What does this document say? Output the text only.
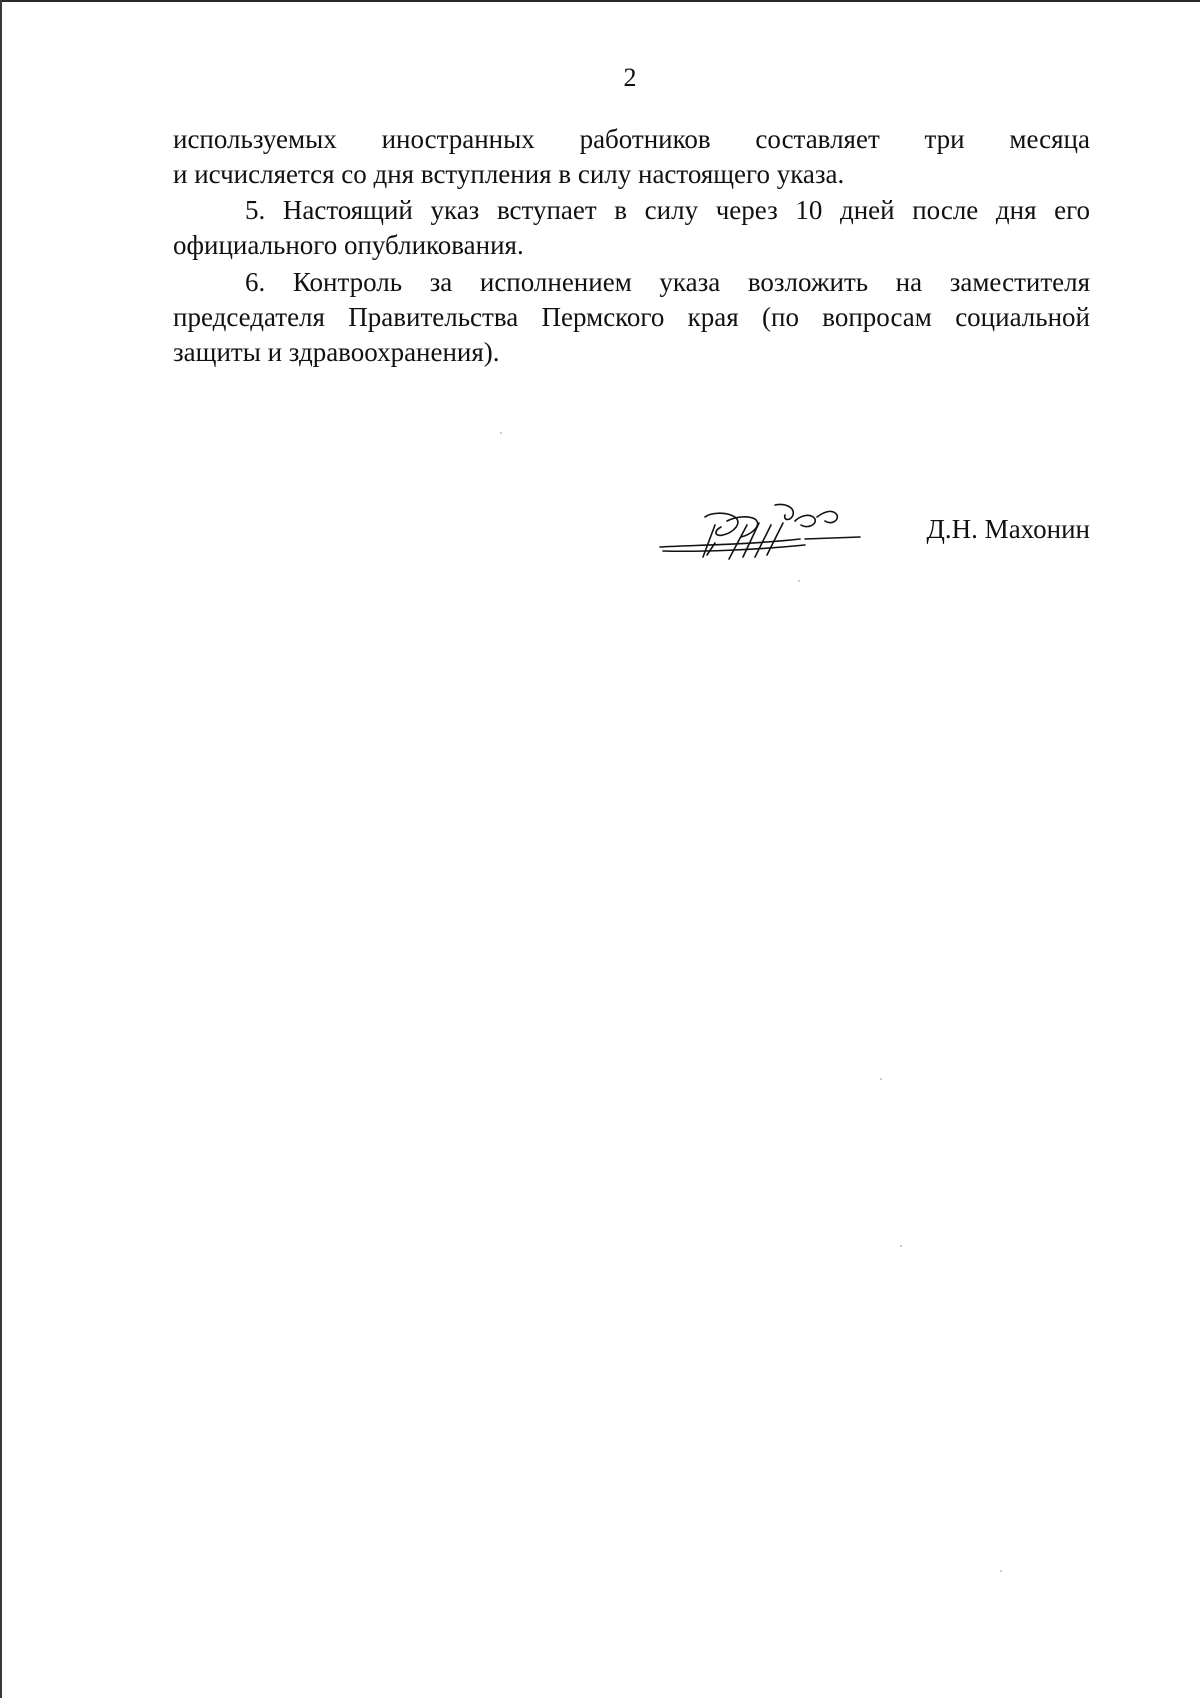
2
используемых иностранных работников составляет три месяца
и исчисляется со дня вступления в силу настоящего указа.
5. Настоящий указ вступает в силу через 10 дней после дня его
официального опубликования.
6. Контроль за исполнением указа возложить на заместителя
председателя Правительства Пермского края (по вопросам социальной
защиты и здравоохранения).
Д.Н. Махонин
